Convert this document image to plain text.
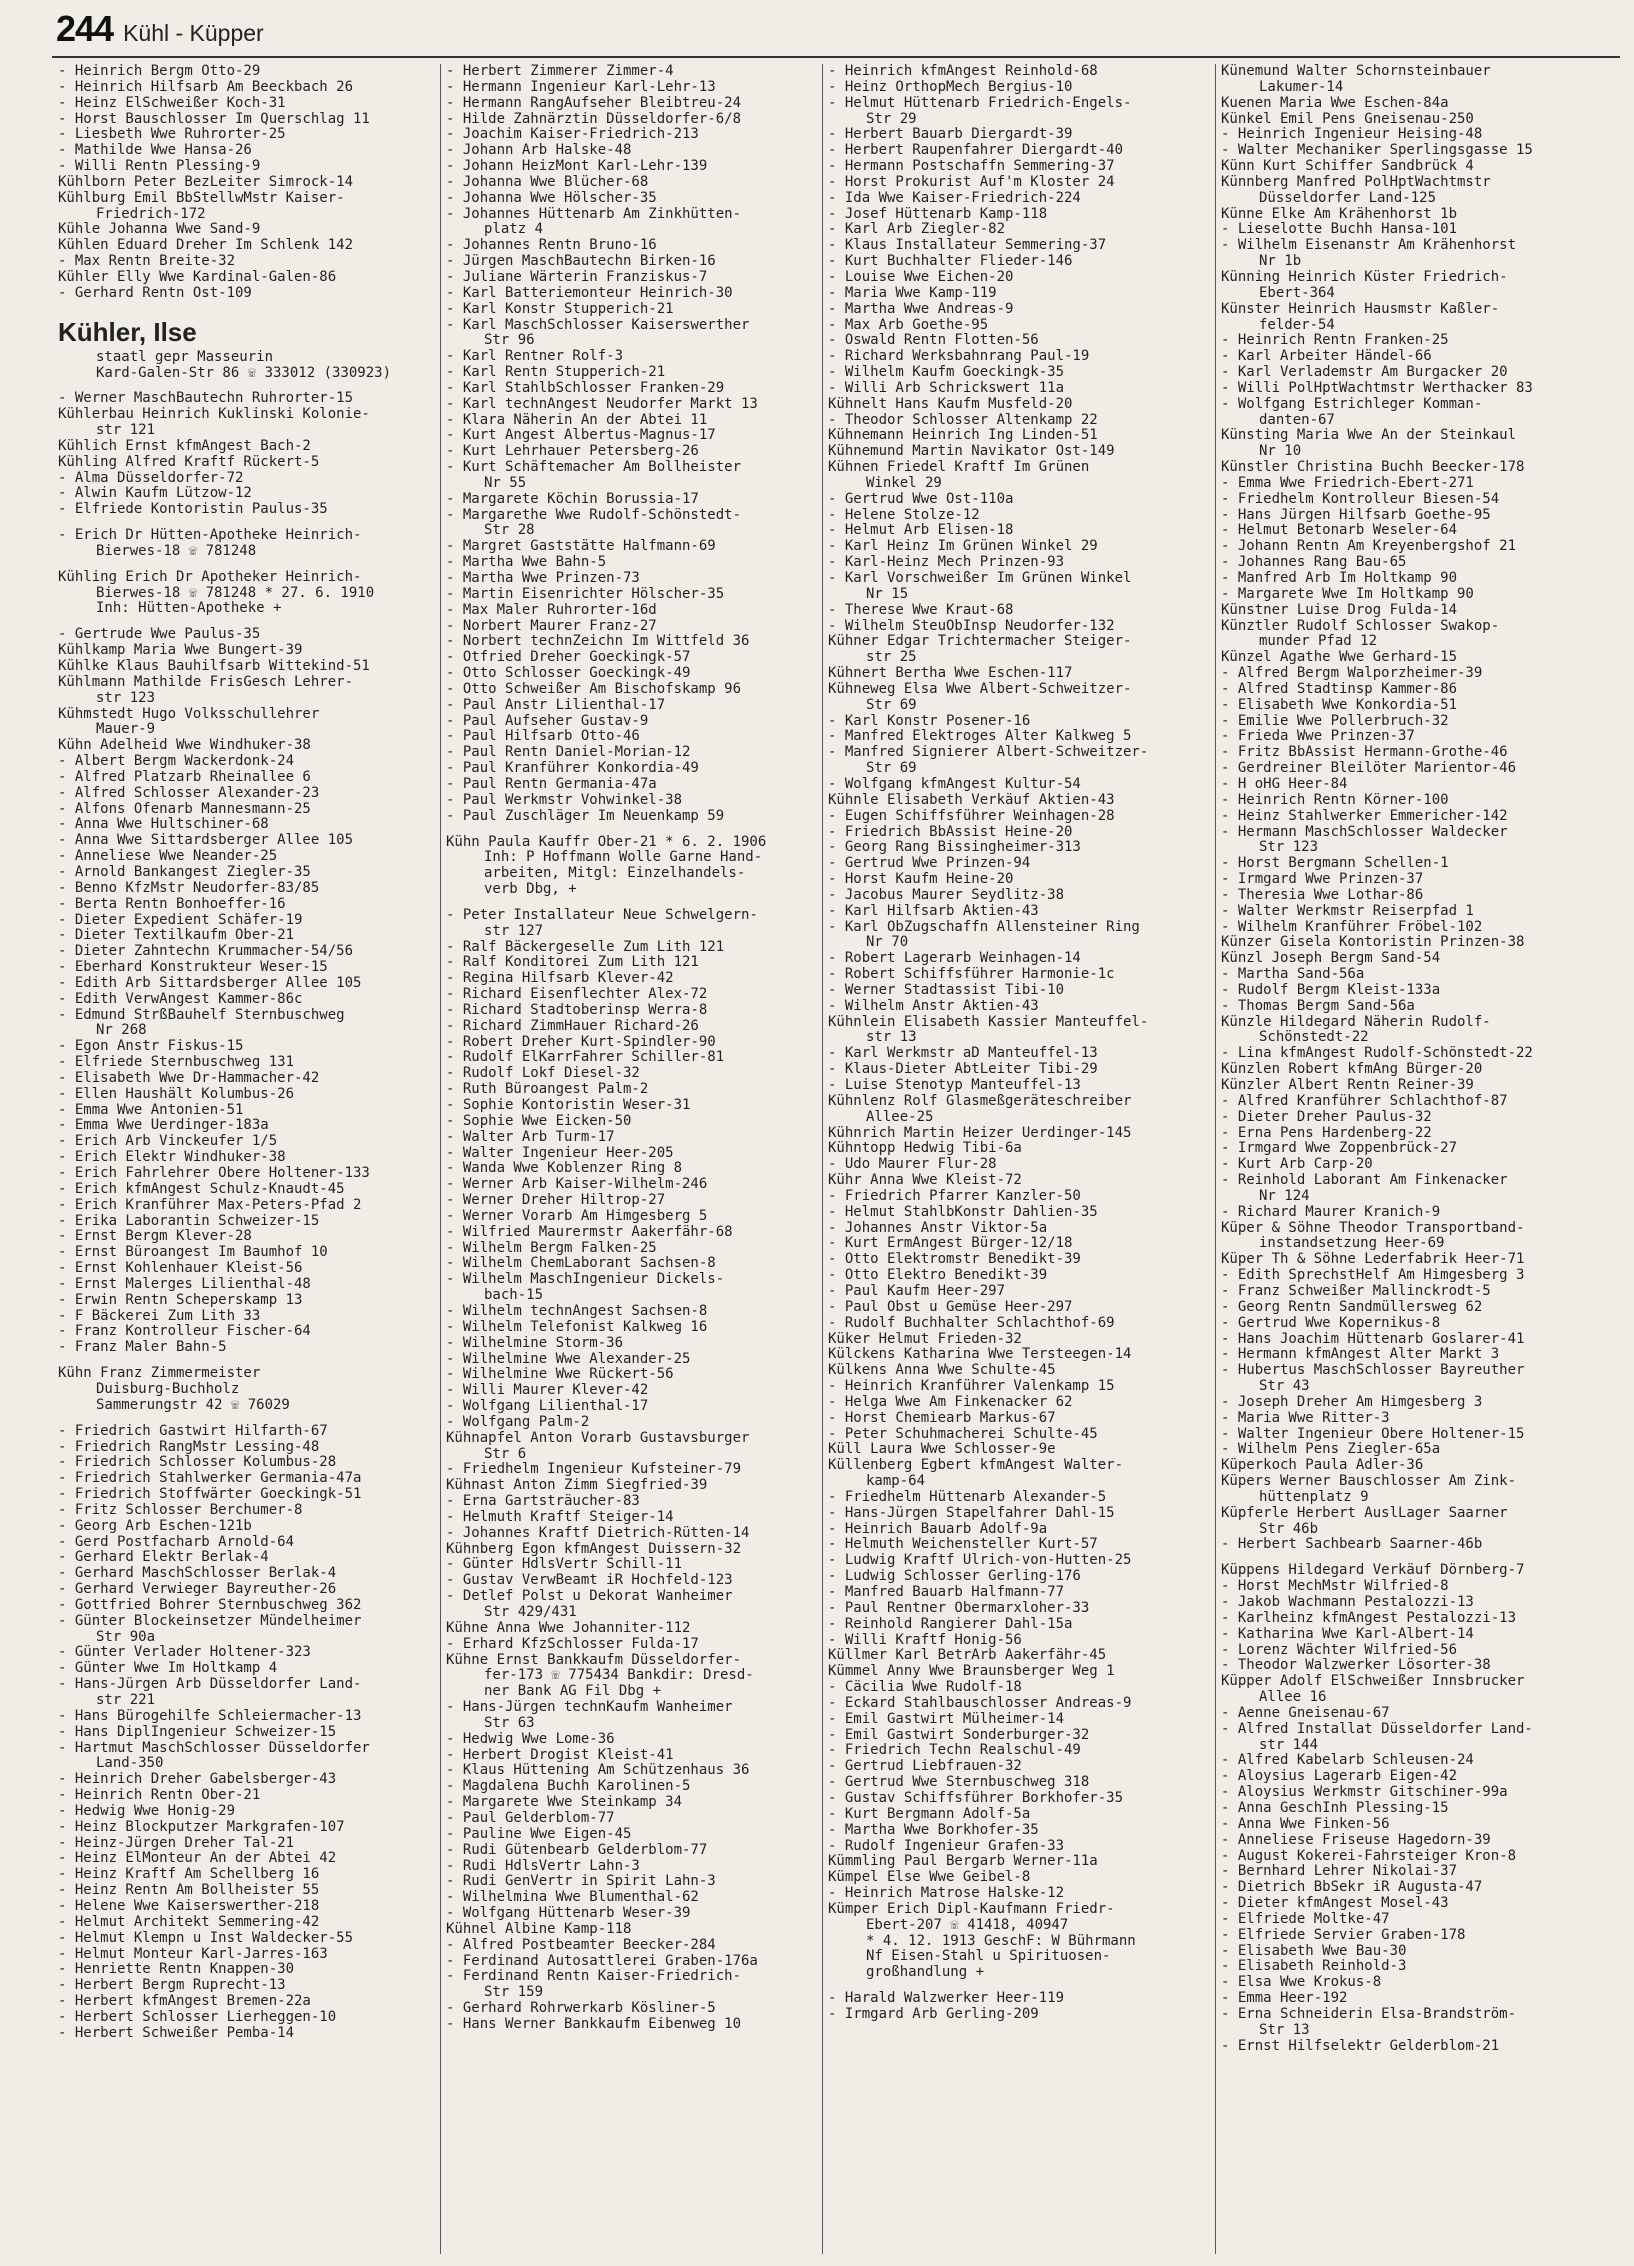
244 Kühl - Küpper
- Heinrich Bergm Otto-29
- Heinrich Hilfsarb Am Beeckbach 26
- Heinz ElSchweißer Koch-31
- Horst Bauschlosser Im Querschlag 11
- Liesbeth Wwe Ruhrorter-25
- Mathilde Wwe Hansa-26
- Willi Rentn Plessing-9
Kühlborn Peter BezLeiter Simrock-14
Kühlburg Emil BbStellwMstr Kaiser-
Friedrich-172
Kühle Johanna Wwe Sand-9
Kühlen Eduard Dreher Im Schlenk 142
- Max Rentn Breite-32
Kühler Elly Wwe Kardinal-Galen-86
- Gerhard Rentn Ost-109
Kühler, Ilse
staatl gepr Masseurin
Kard-Galen-Str 86 ☏ 333012 (330923)
- Werner MaschBautechn Ruhrorter-15
Kühlerbau Heinrich Kuklinski Kolonie-
str 121
Kühlich Ernst kfmAngest Bach-2
Kühling Alfred Kraftf Rückert-5
- Alma Düsseldorfer-72
- Alwin Kaufm Lützow-12
- Elfriede Kontoristin Paulus-35
- Erich Dr Hütten-Apotheke Heinrich-
Bierwes-18 ☏ 781248
Kühling Erich Dr Apotheker Heinrich-
Bierwes-18 ☏ 781248 * 27. 6. 1910
Inh: Hütten-Apotheke +
- Gertrude Wwe Paulus-35
Kühlkamp Maria Wwe Bungert-39
Kühlke Klaus Bauhilfsarb Wittekind-51
Kühlmann Mathilde FrisGesch Lehrer-
str 123
Kühmstedt Hugo Volksschullehrer
Mauer-9
Kühn Adelheid Wwe Windhuker-38
- Albert Bergm Wackerdonk-24
- Alfred Platzarb Rheinallee 6
- Alfred Schlosser Alexander-23
- Alfons Ofenarb Mannesmann-25
- Anna Wwe Hultschiner-68
- Anna Wwe Sittardsberger Allee 105
- Anneliese Wwe Neander-25
- Arnold Bankangest Ziegler-35
- Benno KfzMstr Neudorfer-83/85
- Berta Rentn Bonhoeffer-16
- Dieter Expedient Schäfer-19
- Dieter Textilkaufm Ober-21
- Dieter Zahntechn Krummacher-54/56
- Eberhard Konstrukteur Weser-15
- Edith Arb Sittardsberger Allee 105
- Edith VerwAngest Kammer-86c
- Edmund StrßBauhelf Sternbuschweg
Nr 268
- Egon Anstr Fiskus-15
- Elfriede Sternbuschweg 131
- Elisabeth Wwe Dr-Hammacher-42
- Ellen Haushält Kolumbus-26
- Emma Wwe Antonien-51
- Emma Wwe Uerdinger-183a
- Erich Arb Vinckeufer 1/5
- Erich Elektr Windhuker-38
- Erich Fahrlehrer Obere Holtener-133
- Erich kfmAngest Schulz-Knaudt-45
- Erich Kranführer Max-Peters-Pfad 2
- Erika Laborantin Schweizer-15
- Ernst Bergm Klever-28
- Ernst Büroangest Im Baumhof 10
- Ernst Kohlenhauer Kleist-56
- Ernst Malerges Lilienthal-48
- Erwin Rentn Scheperskamp 13
- F Bäckerei Zum Lith 33
- Franz Kontrolleur Fischer-64
- Franz Maler Bahn-5
Kühn Franz Zimmermeister
Duisburg-Buchholz
Sammerungstr 42 ☏ 76029
- Friedrich Gastwirt Hilfarth-67
- Friedrich RangMstr Lessing-48
- Friedrich Schlosser Kolumbus-28
- Friedrich Stahlwerker Germania-47a
- Friedrich Stoffwärter Goeckingk-51
- Fritz Schlosser Berchumer-8
- Georg Arb Eschen-121b
- Gerd Postfacharb Arnold-64
- Gerhard Elektr Berlak-4
- Gerhard MaschSchlosser Berlak-4
- Gerhard Verwieger Bayreuther-26
- Gottfried Bohrer Sternbuschweg 362
- Günter Blockeinsetzer Mündelheimer
Str 90a
- Günter Verlader Holtener-323
- Günter Wwe Im Holtkamp 4
- Hans-Jürgen Arb Düsseldorfer Land-
str 221
- Hans Bürogehilfe Schleiermacher-13
- Hans DiplIngenieur Schweizer-15
- Hartmut MaschSchlosser Düsseldorfer
Land-350
- Heinrich Dreher Gabelsberger-43
- Heinrich Rentn Ober-21
- Hedwig Wwe Honig-29
- Heinz Blockputzer Markgrafen-107
- Heinz-Jürgen Dreher Tal-21
- Heinz ElMonteur An der Abtei 42
- Heinz Kraftf Am Schellberg 16
- Heinz Rentn Am Bollheister 55
- Helene Wwe Kaiserswerther-218
- Helmut Architekt Semmering-42
- Helmut Klempn u Inst Waldecker-55
- Helmut Monteur Karl-Jarres-163
- Henriette Rentn Knappen-30
- Herbert Bergm Ruprecht-13
- Herbert kfmAngest Bremen-22a
- Herbert Schlosser Lierheggen-10
- Herbert Schweißer Pemba-14
- Herbert Zimmerer Zimmer-4
- Hermann Ingenieur Karl-Lehr-13
- Hermann RangAufseher Bleibtreu-24
- Hilde Zahnärztin Düsseldorfer-6/8
- Joachim Kaiser-Friedrich-213
- Johann Arb Halske-48
- Johann HeizMont Karl-Lehr-139
- Johanna Wwe Blücher-68
- Johanna Wwe Hölscher-35
- Johannes Hüttenarb Am Zinkhütten-
platz 4
- Johannes Rentn Bruno-16
- Jürgen MaschBautechn Birken-16
- Juliane Wärterin Franziskus-7
- Karl Batteriemonteur Heinrich-30
- Karl Konstr Stupperich-21
- Karl MaschSchlosser Kaiserswerther
Str 96
- Karl Rentner Rolf-3
- Karl Rentn Stupperich-21
- Karl StahlbSchlosser Franken-29
- Karl technAngest Neudorfer Markt 13
- Klara Näherin An der Abtei 11
- Kurt Angest Albertus-Magnus-17
- Kurt Lehrhauer Petersberg-26
- Kurt Schäftemacher Am Bollheister
Nr 55
- Margarete Köchin Borussia-17
- Margarethe Wwe Rudolf-Schönstedt-
Str 28
- Margret Gaststätte Halfmann-69
- Martha Wwe Bahn-5
- Martha Wwe Prinzen-73
- Martin Eisenrichter Hölscher-35
- Max Maler Ruhrorter-16d
- Norbert Maurer Franz-27
- Norbert technZeichn Im Wittfeld 36
- Otfried Dreher Goeckingk-57
- Otto Schlosser Goeckingk-49
- Otto Schweißer Am Bischofskamp 96
- Paul Anstr Lilienthal-17
- Paul Aufseher Gustav-9
- Paul Hilfsarb Otto-46
- Paul Rentn Daniel-Morian-12
- Paul Kranführer Konkordia-49
- Paul Rentn Germania-47a
- Paul Werkmstr Vohwinkel-38
- Paul Zuschläger Im Neuenkamp 59
Kühn Paula Kauffr Ober-21 * 6. 2. 1906
Inh: P Hoffmann Wolle Garne Hand-
arbeiten, Mitgl: Einzelhandels-
verb Dbg, +
- Peter Installateur Neue Schwelgern-
str 127
- Ralf Bäckergeselle Zum Lith 121
- Ralf Konditorei Zum Lith 121
- Regina Hilfsarb Klever-42
- Richard Eisenflechter Alex-72
- Richard Stadtoberinsp Werra-8
- Richard ZimmHauer Richard-26
- Robert Dreher Kurt-Spindler-90
- Rudolf ElKarrFahrer Schiller-81
- Rudolf Lokf Diesel-32
- Ruth Büroangest Palm-2
- Sophie Kontoristin Weser-31
- Sophie Wwe Eicken-50
- Walter Arb Turm-17
- Walter Ingenieur Heer-205
- Wanda Wwe Koblenzer Ring 8
- Werner Arb Kaiser-Wilhelm-246
- Werner Dreher Hiltrop-27
- Werner Vorarb Am Himgesberg 5
- Wilfried Maurermstr Aakerfähr-68
- Wilhelm Bergm Falken-25
- Wilhelm ChemLaborant Sachsen-8
- Wilhelm MaschIngenieur Dickels-
bach-15
- Wilhelm technAngest Sachsen-8
- Wilhelm Telefonist Kalkweg 16
- Wilhelmine Storm-36
- Wilhelmine Wwe Alexander-25
- Wilhelmine Wwe Rückert-56
- Willi Maurer Klever-42
- Wolfgang Lilienthal-17
- Wolfgang Palm-2
Kühnapfel Anton Vorarb Gustavsburger
Str 6
- Friedhelm Ingenieur Kufsteiner-79
Kühnast Anton Zimm Siegfried-39
- Erna Gartsträucher-83
- Helmuth Kraftf Steiger-14
- Johannes Kraftf Dietrich-Rütten-14
Kühnberg Egon kfmAngest Duissern-32
- Günter HdlsVertr Schill-11
- Gustav VerwBeamt iR Hochfeld-123
- Detlef Polst u Dekorat Wanheimer
Str 429/431
Kühne Anna Wwe Johanniter-112
- Erhard KfzSchlosser Fulda-17
Kühne Ernst Bankkaufm Düsseldorfer-
fer-173 ☏ 775434 Bankdir: Dresd-
ner Bank AG Fil Dbg +
- Hans-Jürgen technKaufm Wanheimer
Str 63
- Hedwig Wwe Lome-36
- Herbert Drogist Kleist-41
- Klaus Hüttening Am Schützenhaus 36
- Magdalena Buchh Karolinen-5
- Margarete Wwe Steinkamp 34
- Paul Gelderblom-77
- Pauline Wwe Eigen-45
- Rudi Gütenbearb Gelderblom-77
- Rudi HdlsVertr Lahn-3
- Rudi GenVertr in Spirit Lahn-3
- Wilhelmina Wwe Blumenthal-62
- Wolfgang Hüttenarb Weser-39
Kühnel Albine Kamp-118
- Alfred Postbeamter Beecker-284
- Ferdinand Autosattlerei Graben-176a
- Ferdinand Rentn Kaiser-Friedrich-
Str 159
- Gerhard Rohrwerkarb Kösliner-5
- Hans Werner Bankkaufm Eibenweg 10
- Heinrich kfmAngest Reinhold-68
- Heinz OrthopMech Bergius-10
- Helmut Hüttenarb Friedrich-Engels-
Str 29
- Herbert Bauarb Diergardt-39
- Herbert Raupenfahrer Diergardt-40
- Hermann Postschaffn Semmering-37
- Horst Prokurist Auf'm Kloster 24
- Ida Wwe Kaiser-Friedrich-224
- Josef Hüttenarb Kamp-118
- Karl Arb Ziegler-82
- Klaus Installateur Semmering-37
- Kurt Buchhalter Flieder-146
- Louise Wwe Eichen-20
- Maria Wwe Kamp-119
- Martha Wwe Andreas-9
- Max Arb Goethe-95
- Oswald Rentn Flotten-56
- Richard Werksbahnrang Paul-19
- Wilhelm Kaufm Goeckingk-35
- Willi Arb Schrickswert 11a
Kühnelt Hans Kaufm Musfeld-20
- Theodor Schlosser Altenkamp 22
Kühnemann Heinrich Ing Linden-51
Kühnemund Martin Navikator Ost-149
Kühnen Friedel Kraftf Im Grünen
Winkel 29
- Gertrud Wwe Ost-110a
- Helene Stolze-12
- Helmut Arb Elisen-18
- Karl Heinz Im Grünen Winkel 29
- Karl-Heinz Mech Prinzen-93
- Karl Vorschweißer Im Grünen Winkel
Nr 15
- Therese Wwe Kraut-68
- Wilhelm SteuObInsp Neudorfer-132
Kühner Edgar Trichtermacher Steiger-
str 25
Kühnert Bertha Wwe Eschen-117
Kühneweg Elsa Wwe Albert-Schweitzer-
Str 69
- Karl Konstr Posener-16
- Manfred Elektroges Alter Kalkweg 5
- Manfred Signierer Albert-Schweitzer-
Str 69
- Wolfgang kfmAngest Kultur-54
Kühnle Elisabeth Verkäuf Aktien-43
- Eugen Schiffsführer Weinhagen-28
- Friedrich BbAssist Heine-20
- Georg Rang Bissingheimer-313
- Gertrud Wwe Prinzen-94
- Horst Kaufm Heine-20
- Jacobus Maurer Seydlitz-38
- Karl Hilfsarb Aktien-43
- Karl ObZugschaffn Allensteiner Ring
Nr 70
- Robert Lagerarb Weinhagen-14
- Robert Schiffsführer Harmonie-1c
- Werner Stadtassist Tibi-10
- Wilhelm Anstr Aktien-43
Kühnlein Elisabeth Kassier Manteuffel-
str 13
- Karl Werkmstr aD Manteuffel-13
- Klaus-Dieter AbtLeiter Tibi-29
- Luise Stenotyp Manteuffel-13
Kühnlenz Rolf Glasmeßgeräteschreiber
Allee-25
Kühnrich Martin Heizer Uerdinger-145
Kühntopp Hedwig Tibi-6a
- Udo Maurer Flur-28
Kühr Anna Wwe Kleist-72
- Friedrich Pfarrer Kanzler-50
- Helmut StahlbKonstr Dahlien-35
- Johannes Anstr Viktor-5a
- Kurt ErmAngest Bürger-12/18
- Otto Elektromstr Benedikt-39
- Otto Elektro Benedikt-39
- Paul Kaufm Heer-297
- Paul Obst u Gemüse Heer-297
- Rudolf Buchhalter Schlachthof-69
Küker Helmut Frieden-32
Külckens Katharina Wwe Tersteegen-14
Külkens Anna Wwe Schulte-45
- Heinrich Kranführer Valenkamp 15
- Helga Wwe Am Finkenacker 62
- Horst Chemiearb Markus-67
- Peter Schuhmacherei Schulte-45
Küll Laura Wwe Schlosser-9e
Küllenberg Egbert kfmAngest Walter-
kamp-64
- Friedhelm Hüttenarb Alexander-5
- Hans-Jürgen Stapelfahrer Dahl-15
- Heinrich Bauarb Adolf-9a
- Helmuth Weichensteller Kurt-57
- Ludwig Kraftf Ulrich-von-Hutten-25
- Ludwig Schlosser Gerling-176
- Manfred Bauarb Halfmann-77
- Paul Rentner Obermarxloher-33
- Reinhold Rangierer Dahl-15a
- Willi Kraftf Honig-56
Küllmer Karl BetrArb Aakerfähr-45
Kümmel Anny Wwe Braunsberger Weg 1
- Cäcilia Wwe Rudolf-18
- Eckard Stahlbauschlosser Andreas-9
- Emil Gastwirt Mülheimer-14
- Emil Gastwirt Sonderburger-32
- Friedrich Techn Realschul-49
- Gertrud Liebfrauen-32
- Gertrud Wwe Sternbuschweg 318
- Gustav Schiffsführer Borkhofer-35
- Kurt Bergmann Adolf-5a
- Martha Wwe Borkhofer-35
- Rudolf Ingenieur Grafen-33
Kümmling Paul Bergarb Werner-11a
Kümpel Else Wwe Geibel-8
- Heinrich Matrose Halske-12
Kümper Erich Dipl-Kaufmann Friedr-
Ebert-207 ☏ 41418, 40947
* 4. 12. 1913 GeschF: W Bührmann
Nf Eisen-Stahl u Spirituosen-
großhandlung +
- Harald Walzwerker Heer-119
- Irmgard Arb Gerling-209
Künemund Walter Schornsteinbauer
Lakumer-14
Kuenen Maria Wwe Eschen-84a
Künkel Emil Pens Gneisenau-250
- Heinrich Ingenieur Heising-48
- Walter Mechaniker Sperlingsgasse 15
Künn Kurt Schiffer Sandbrück 4
Künnberg Manfred PolHptWachtmstr
Düsseldorfer Land-125
Künne Elke Am Krähenhorst 1b
- Lieselotte Buchh Hansa-101
- Wilhelm Eisenanstr Am Krähenhorst
Nr 1b
Künning Heinrich Küster Friedrich-
Ebert-364
Künster Heinrich Hausmstr Kaßler-
felder-54
- Heinrich Rentn Franken-25
- Karl Arbeiter Händel-66
- Karl Verlademstr Am Burgacker 20
- Willi PolHptWachtmstr Werthacker 83
- Wolfgang Estrichleger Komman-
danten-67
Künsting Maria Wwe An der Steinkaul
Nr 10
Künstler Christina Buchh Beecker-178
- Emma Wwe Friedrich-Ebert-271
- Friedhelm Kontrolleur Biesen-54
- Hans Jürgen Hilfsarb Goethe-95
- Helmut Betonarb Weseler-64
- Johann Rentn Am Kreyenbergshof 21
- Johannes Rang Bau-65
- Manfred Arb Im Holtkamp 90
- Margarete Wwe Im Holtkamp 90
Künstner Luise Drog Fulda-14
Künztler Rudolf Schlosser Swakop-
munder Pfad 12
Künzel Agathe Wwe Gerhard-15
- Alfred Bergm Walporzheimer-39
- Alfred Stadtinsp Kammer-86
- Elisabeth Wwe Konkordia-51
- Emilie Wwe Pollerbruch-32
- Frieda Wwe Prinzen-37
- Fritz BbAssist Hermann-Grothe-46
- Gerdreiner Bleilöter Marientor-46
- H oHG Heer-84
- Heinrich Rentn Körner-100
- Heinz Stahlwerker Emmericher-142
- Hermann MaschSchlosser Waldecker
Str 123
- Horst Bergmann Schellen-1
- Irmgard Wwe Prinzen-37
- Theresia Wwe Lothar-86
- Walter Werkmstr Reiserpfad 1
- Wilhelm Kranführer Fröbel-102
Künzer Gisela Kontoristin Prinzen-38
Künzl Joseph Bergm Sand-54
- Martha Sand-56a
- Rudolf Bergm Kleist-133a
- Thomas Bergm Sand-56a
Künzle Hildegard Näherin Rudolf-
Schönstedt-22
- Lina kfmAngest Rudolf-Schönstedt-22
Künzlen Robert kfmAng Bürger-20
Künzler Albert Rentn Reiner-39
- Alfred Kranführer Schlachthof-87
- Dieter Dreher Paulus-32
- Erna Pens Hardenberg-22
- Irmgard Wwe Zoppenbrück-27
- Kurt Arb Carp-20
- Reinhold Laborant Am Finkenacker
Nr 124
- Richard Maurer Kranich-9
Küper & Söhne Theodor Transportband-
instandsetzung Heer-69
Küper Th & Söhne Lederfabrik Heer-71
- Edith SprechstHelf Am Himgesberg 3
- Franz Schweißer Mallinckrodt-5
- Georg Rentn Sandmüllersweg 62
- Gertrud Wwe Kopernikus-8
- Hans Joachim Hüttenarb Goslarer-41
- Hermann kfmAngest Alter Markt 3
- Hubertus MaschSchlosser Bayreuther
Str 43
- Joseph Dreher Am Himgesberg 3
- Maria Wwe Ritter-3
- Walter Ingenieur Obere Holtener-15
- Wilhelm Pens Ziegler-65a
Küperkoch Paula Adler-36
Küpers Werner Bauschlosser Am Zink-
hüttenplatz 9
Küpferle Herbert AuslLager Saarner
Str 46b
- Herbert Sachbearb Saarner-46b
Küppens Hildegard Verkäuf Dörnberg-7
- Horst MechMstr Wilfried-8
- Jakob Wachmann Pestalozzi-13
- Karlheinz kfmAngest Pestalozzi-13
- Katharina Wwe Karl-Albert-14
- Lorenz Wächter Wilfried-56
- Theodor Walzwerker Lösorter-38
Küpper Adolf ElSchweißer Innsbrucker
Allee 16
- Aenne Gneisenau-67
- Alfred Installat Düsseldorfer Land-
str 144
- Alfred Kabelarb Schleusen-24
- Aloysius Lagerarb Eigen-42
- Aloysius Werkmstr Gitschiner-99a
- Anna GeschInh Plessing-15
- Anna Wwe Finken-56
- Anneliese Friseuse Hagedorn-39
- August Kokerei-Fahrsteiger Kron-8
- Bernhard Lehrer Nikolai-37
- Dietrich BbSekr iR Augusta-47
- Dieter kfmAngest Mosel-43
- Elfriede Moltke-47
- Elfriede Servier Graben-178
- Elisabeth Wwe Bau-30
- Elisabeth Reinhold-3
- Elsa Wwe Krokus-8
- Emma Heer-192
- Erna Schneiderin Elsa-Brandström-
Str 13
- Ernst Hilfselektr Gelderblom-21
